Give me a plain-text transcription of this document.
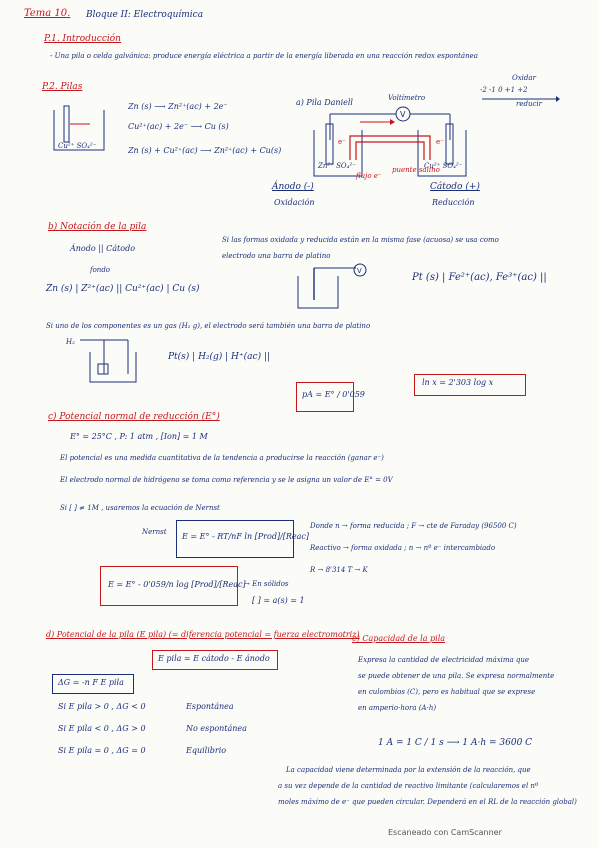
Tema 10. Bloque II: Electroquímica
P.1. Introducción
- Una pila o celda galvánica: produce energía eléctrica a partir de la energía liberada en una reacción redox espontánea
Oxidar
-2 -1 0 +1 +2
reducir
P.2. Pilas
Cu²⁺ SO₄²⁻
Zn (s) ⟶ Zn²⁺(ac) + 2e⁻
Cu²⁺(ac) + 2e⁻ ⟶ Cu (s)
Zn (s) + Cu²⁺(ac) ⟶ Zn²⁺(ac) + Cu(s)
a) Pila Daniell	Voltímetro
V
e⁻	e⁻
Zn²⁺ SO₄²⁻	Cu²⁺ SO₄²⁻
flujo e⁻
puente salino
Ánodo (-)
Oxidación
Cátodo (+)
Reducción
b) Notación de la pila
Ánodo || Cátodo
fondo
Zn (s) | Z²⁺(ac) || Cu²⁺(ac) | Cu (s)
Si las formas oxidada y reducida están en la misma fase (acuosa) se usa como
electrodo una barra de platino
V
Pt (s) | Fe²⁺(ac), Fe³⁺(ac) ||
Si uno de los componentes es un gas (H₂ g), el electrodo será también una barra de platino
H₂
Pt(s) | H₂(g) | H⁺(ac) ||
pA = E° / 0'059
ln x = 2'303 log x
c) Potencial normal de reducción (E°)
E° = 25°C , P: 1 atm , [Ion] = 1 M
El potencial es una medida cuantitativa de la tendencia a producirse la reacción (ganar e⁻)
El electrodo normal de hidrógeno se toma como referencia y se le asigna un valor de E° = 0V
Si [ ] ≠ 1M , usaremos la ecuación de Nernst
Nernst E = E° - RT/nF ln [Prod]/[Reac]
Donde n → forma reducida ; F → cte de Faraday (96500 C)
Reactivo → forma oxidada ; n → nº e⁻ intercambiado
R → 8'314 T → K
E = E° - 0'059/n log [Prod]/[Reac]
→ En sólidos
[ ] = a(s) = 1
d) Potencial de la pila (E pila) (= diferencia potencial = fuerza electromotriz)
E pila = E cátodo - E ánodo
ΔG = -n F E pila
Si E pila > 0 , ΔG < 0	Espontánea
Si E pila < 0 , ΔG > 0	No espontánea
Si E pila = 0 , ΔG = 0	Equilibrio
e) Capacidad de la pila
Expresa la cantidad de electricidad máxima que
se puede obtener de una pila. Se expresa normalmente
en culombios (C), pero es habitual que se exprese
en amperio·hora (A·h)
1 A = 1 C / 1 s ⟶ 1 A·h = 3600 C
La capacidad viene determinada por la extensión de la reacción, que
a su vez depende de la cantidad de reactivo limitante (calcularemos el nº
moles máximo de e⁻ que pueden circular. Dependerá en el RL de la reacción global)
Escaneado con CamScanner
